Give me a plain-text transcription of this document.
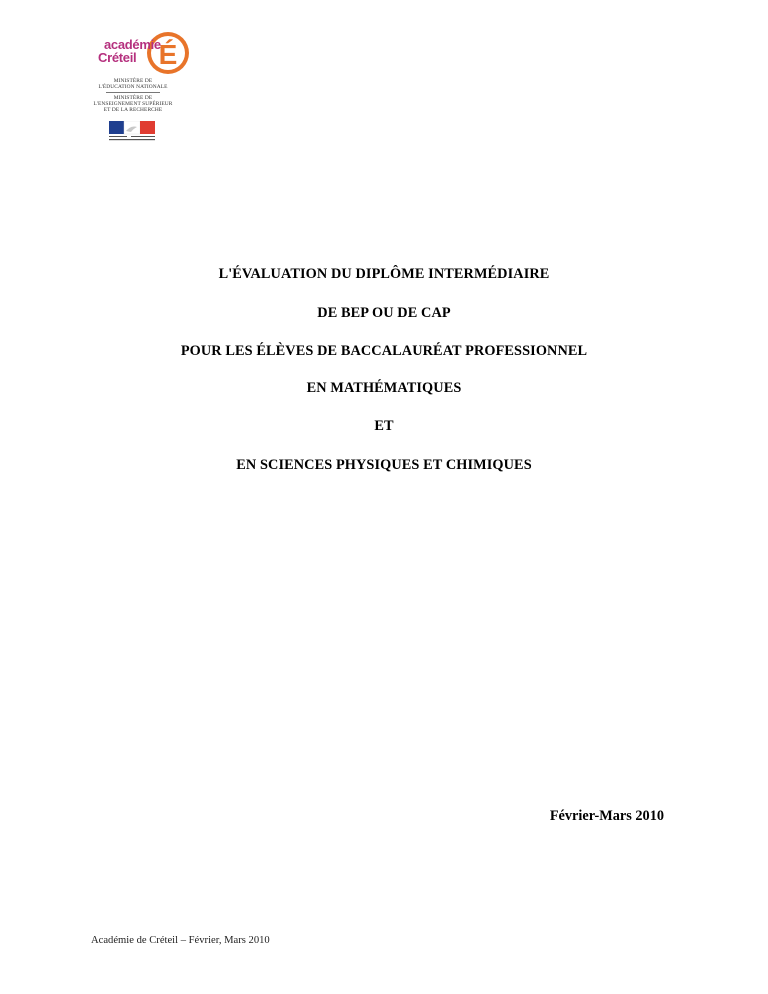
É
académie
Créteil
MINISTÈRE DE
L'ÉDUCATION NATIONALE
MINISTÈRE DE
L'ENSEIGNEMENT SUPÉRIEUR
ET DE LA RECHERCHE
L'ÉVALUATION DU DIPLÔME INTERMÉDIAIRE
DE BEP OU DE CAP
POUR LES ÉLÈVES DE BACCALAURÉAT PROFESSIONNEL
EN MATHÉMATIQUES
ET
EN SCIENCES PHYSIQUES ET CHIMIQUES
Février-Mars 2010
Académie de Créteil – Février, Mars 2010
